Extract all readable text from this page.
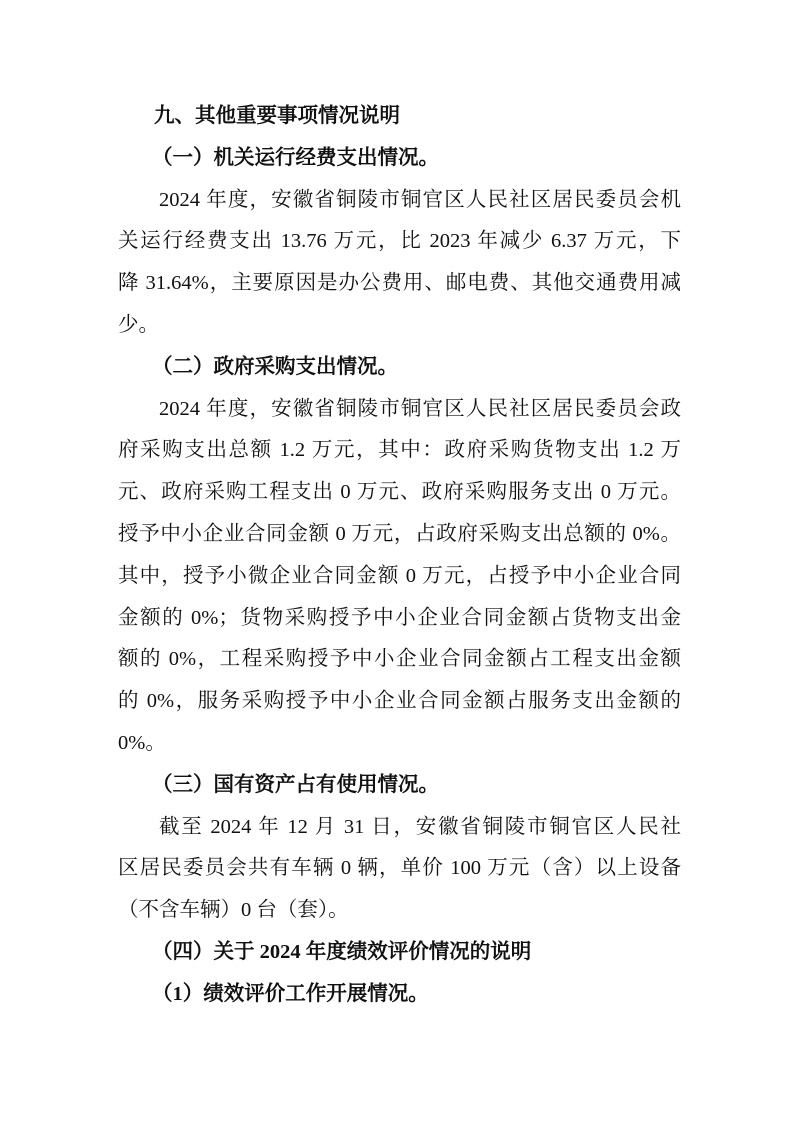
九、其他重要事项情况说明
（一）机关运行经费支出情况。
2024 年度，安徽省铜陵市铜官区人民社区居民委员会机
关运行经费支出 13.76 万元，比 2023 年减少 6.37 万元，下
降 31.64%，主要原因是办公费用、邮电费、其他交通费用减
少。
（二）政府采购支出情况。
2024 年度，安徽省铜陵市铜官区人民社区居民委员会政
府采购支出总额 1.2 万元，其中：政府采购货物支出 1.2 万
元、政府采购工程支出 0 万元、政府采购服务支出 0 万元。
授予中小企业合同金额 0 万元，占政府采购支出总额的 0%。
其中，授予小微企业合同金额 0 万元，占授予中小企业合同
金额的 0%；货物采购授予中小企业合同金额占货物支出金
额的 0%，工程采购授予中小企业合同金额占工程支出金额
的 0%，服务采购授予中小企业合同金额占服务支出金额的
0%。
（三）国有资产占有使用情况。
截至 2024 年 12 月 31 日，安徽省铜陵市铜官区人民社
区居民委员会共有车辆 0 辆，单价 100 万元（含）以上设备
（不含车辆）0 台（套）。
（四）关于 2024 年度绩效评价情况的说明
（1）绩效评价工作开展情况。
